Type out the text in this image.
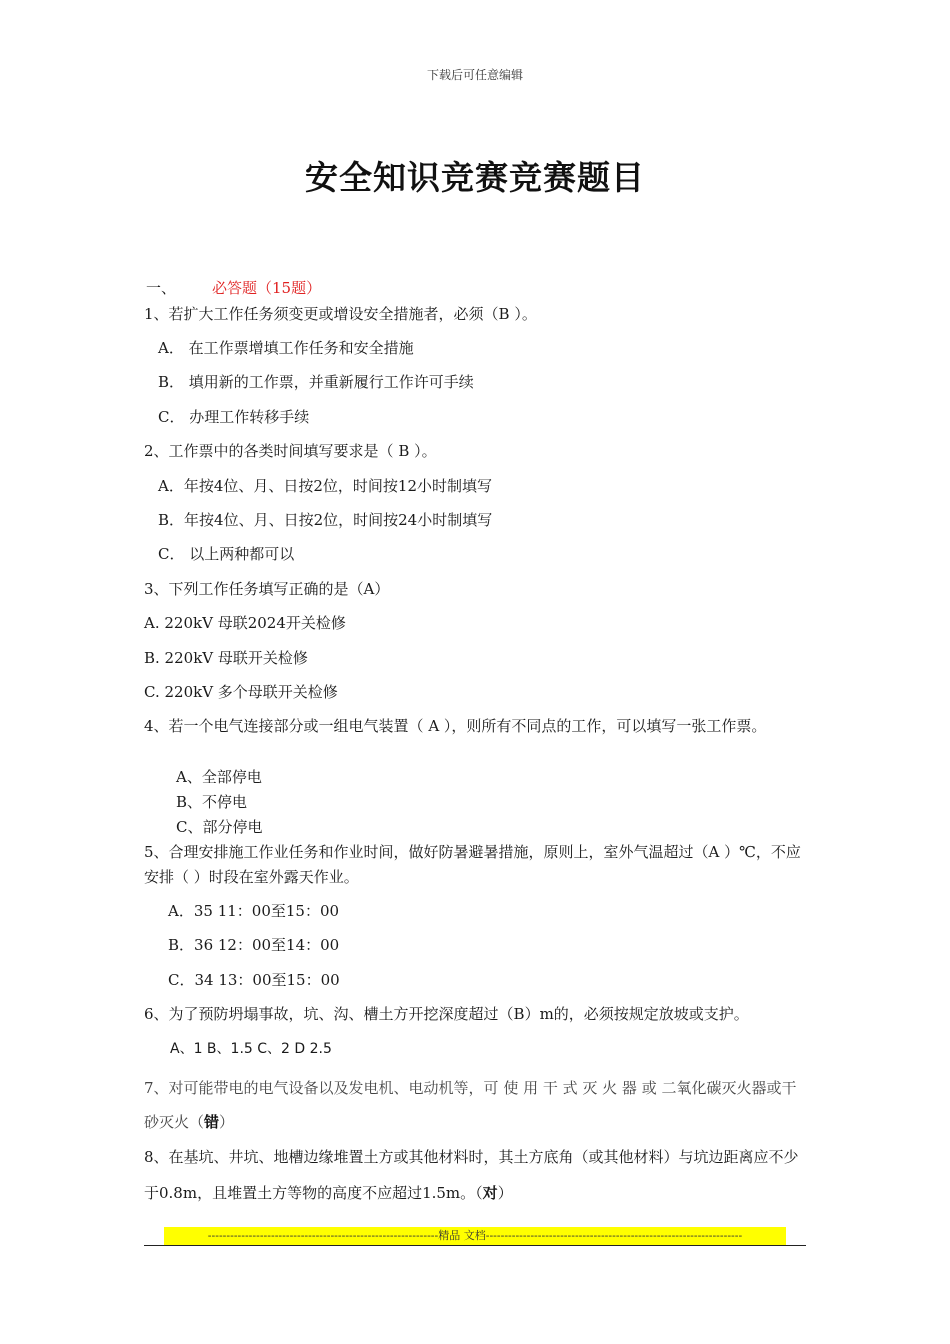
下载后可任意编辑
安全知识竞赛竞赛题目
一、 必答题（15题）
1、若扩大工作任务须变更或增设安全措施者，必须（B ）。
A． 在工作票增填工作任务和安全措施
B． 填用新的工作票，并重新履行工作许可手续
C． 办理工作转移手续
2、工作票中的各类时间填写要求是（ B ）。
A．年按4位、月、日按2位，时间按12小时制填写
B．年按4位、月、日按2位，时间按24小时制填写
C． 以上两种都可以
3、下列工作任务填写正确的是（A）
A. 220kV 母联2024开关检修
B. 220kV 母联开关检修
C. 220kV 多个母联开关检修
4、若一个电气连接部分或一组电气装置（ A ），则所有不同点的工作，可以填写一张工作票。
A、全部停电
B、不停电
C、部分停电
5、合理安排施工作业任务和作业时间，做好防暑避暑措施，原则上，室外气温超过（A ）℃，不应安排（ ）时段在室外露天作业。
A．35 11：00至15：00
B．36 12：00至14：00
C．34 13：00至15：00
6、为了预防坍塌事故，坑、沟、槽土方开挖深度超过（B）m的，必须按规定放坡或支护。
A、1 B、1.5 C、2 D 2.5
7、对可能带电的电气设备以及发电机、电动机等，可 使 用 干 式 灭 火 器 或 二氧化碳灭火器或干砂灭火（错）
8、在基坑、井坑、地槽边缘堆置土方或其他材料时，其土方底角（或其他材料）与坑边距离应不少于0.8m，且堆置土方等物的高度不应超过1.5m。（对）
--------------------------------------------------------------精品 文档---------------------------------------------------------------------
